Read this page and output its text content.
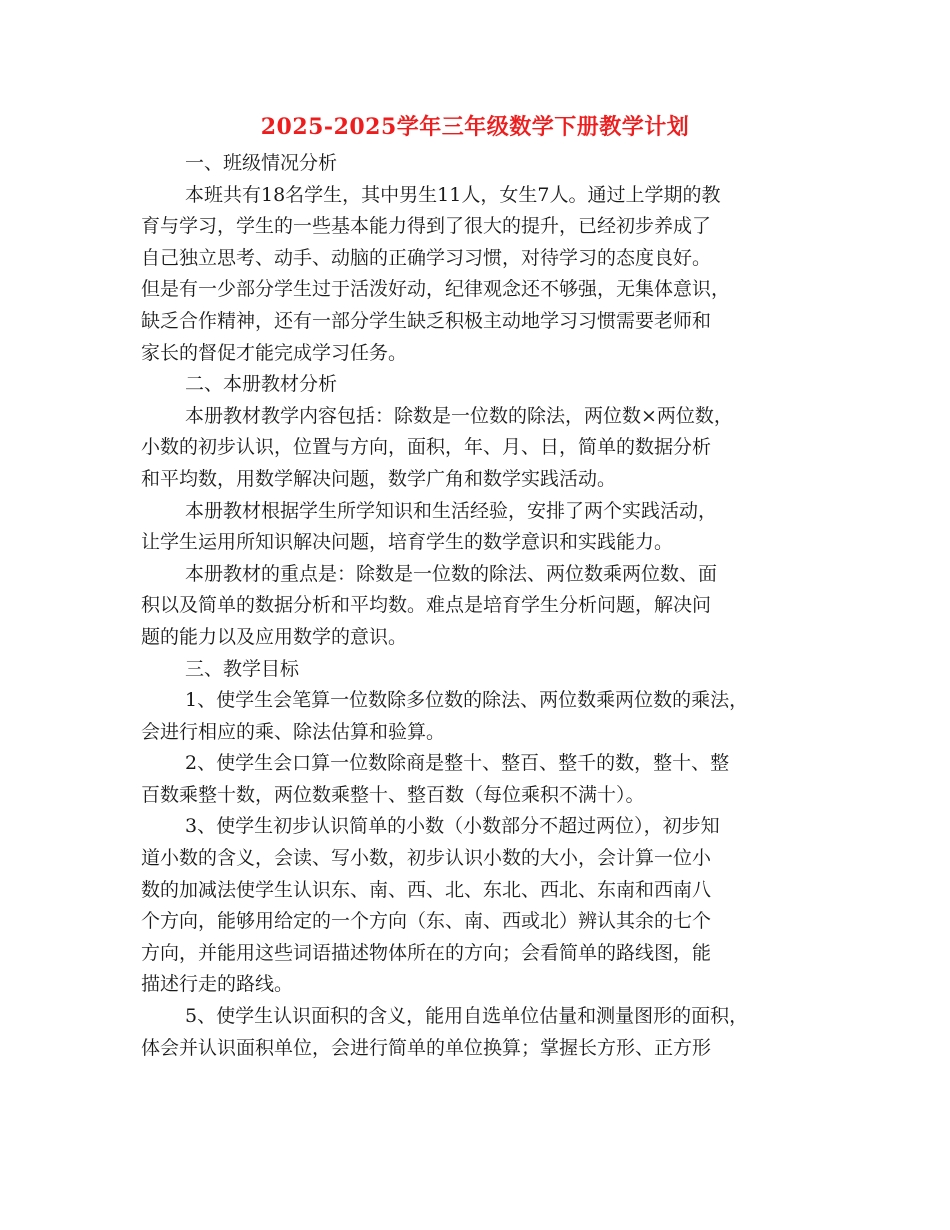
2025-2025学年三年级数学下册教学计划
一、班级情况分析
本班共有18名学生，其中男生11人，女生7人。通过上学期的教
育与学习，学生的一些基本能力得到了很大的提升，已经初步养成了
自己独立思考、动手、动脑的正确学习习惯，对待学习的态度良好。
但是有一少部分学生过于活泼好动，纪律观念还不够强，无集体意识，
缺乏合作精神，还有一部分学生缺乏积极主动地学习习惯需要老师和
家长的督促才能完成学习任务。
二、本册教材分析
本册教材教学内容包括：除数是一位数的除法，两位数×两位数，
小数的初步认识，位置与方向，面积，年、月、日，简单的数据分析
和平均数，用数学解决问题，数学广角和数学实践活动。
本册教材根据学生所学知识和生活经验，安排了两个实践活动，
让学生运用所知识解决问题，培育学生的数学意识和实践能力。
本册教材的重点是：除数是一位数的除法、两位数乘两位数、面
积以及简单的数据分析和平均数。难点是培育学生分析问题，解决问
题的能力以及应用数学的意识。
三、教学目标
1、使学生会笔算一位数除多位数的除法、两位数乘两位数的乘法，
会进行相应的乘、除法估算和验算。
2、使学生会口算一位数除商是整十、整百、整千的数，整十、整
百数乘整十数，两位数乘整十、整百数（每位乘积不满十）。
3、使学生初步认识简单的小数（小数部分不超过两位），初步知
道小数的含义，会读、写小数，初步认识小数的大小，会计算一位小
数的加减法使学生认识东、南、西、北、东北、西北、东南和西南八
个方向，能够用给定的一个方向（东、南、西或北）辨认其余的七个
方向，并能用这些词语描述物体所在的方向；会看简单的路线图，能
描述行走的路线。
5、使学生认识面积的含义，能用自选单位估量和测量图形的面积，
体会并认识面积单位，会进行简单的单位换算；掌握长方形、正方形
